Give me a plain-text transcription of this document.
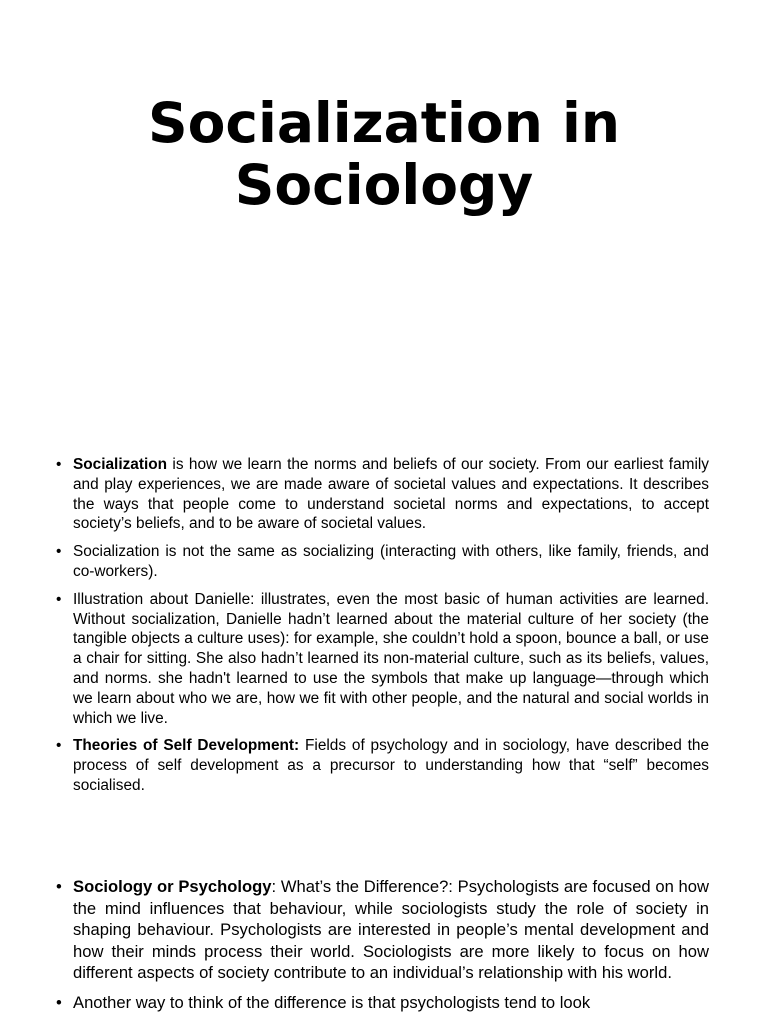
Socialization in
Sociology
• Socialization is how we learn the norms and beliefs of our society. From our earliest family and play experiences, we are made aware of societal values and expectations. It describes the ways that people come to understand societal norms and expectations, to accept society’s beliefs, and to be aware of societal values.
• Socialization is not the same as socializing (interacting with others, like family, friends, and co-workers).
• Illustration about Danielle: illustrates, even the most basic of human activities are learned. Without socialization, Danielle hadn’t learned about the material culture of her society (the tangible objects a culture uses): for example, she couldn’t hold a spoon, bounce a ball, or use a chair for sitting. She also hadn’t learned its non-material culture, such as its beliefs, values, and norms. she hadn't learned to use the symbols that make up language—through which we learn about who we are, how we fit with other people, and the natural and social worlds in which we live.
• Theories of Self Development: Fields of psychology and in sociology, have described the process of self development as a precursor to understanding how that “self” becomes socialised.
• Sociology or Psychology: What’s the Difference?: Psychologists are focused on how the mind influences that behaviour, while sociologists study the role of society in shaping behaviour. Psychologists are interested in people’s mental development and how their minds process their world. Sociologists are more likely to focus on how different aspects of society contribute to an individual’s relationship with his world.
• Another way to think of the difference is that psychologists tend to look
